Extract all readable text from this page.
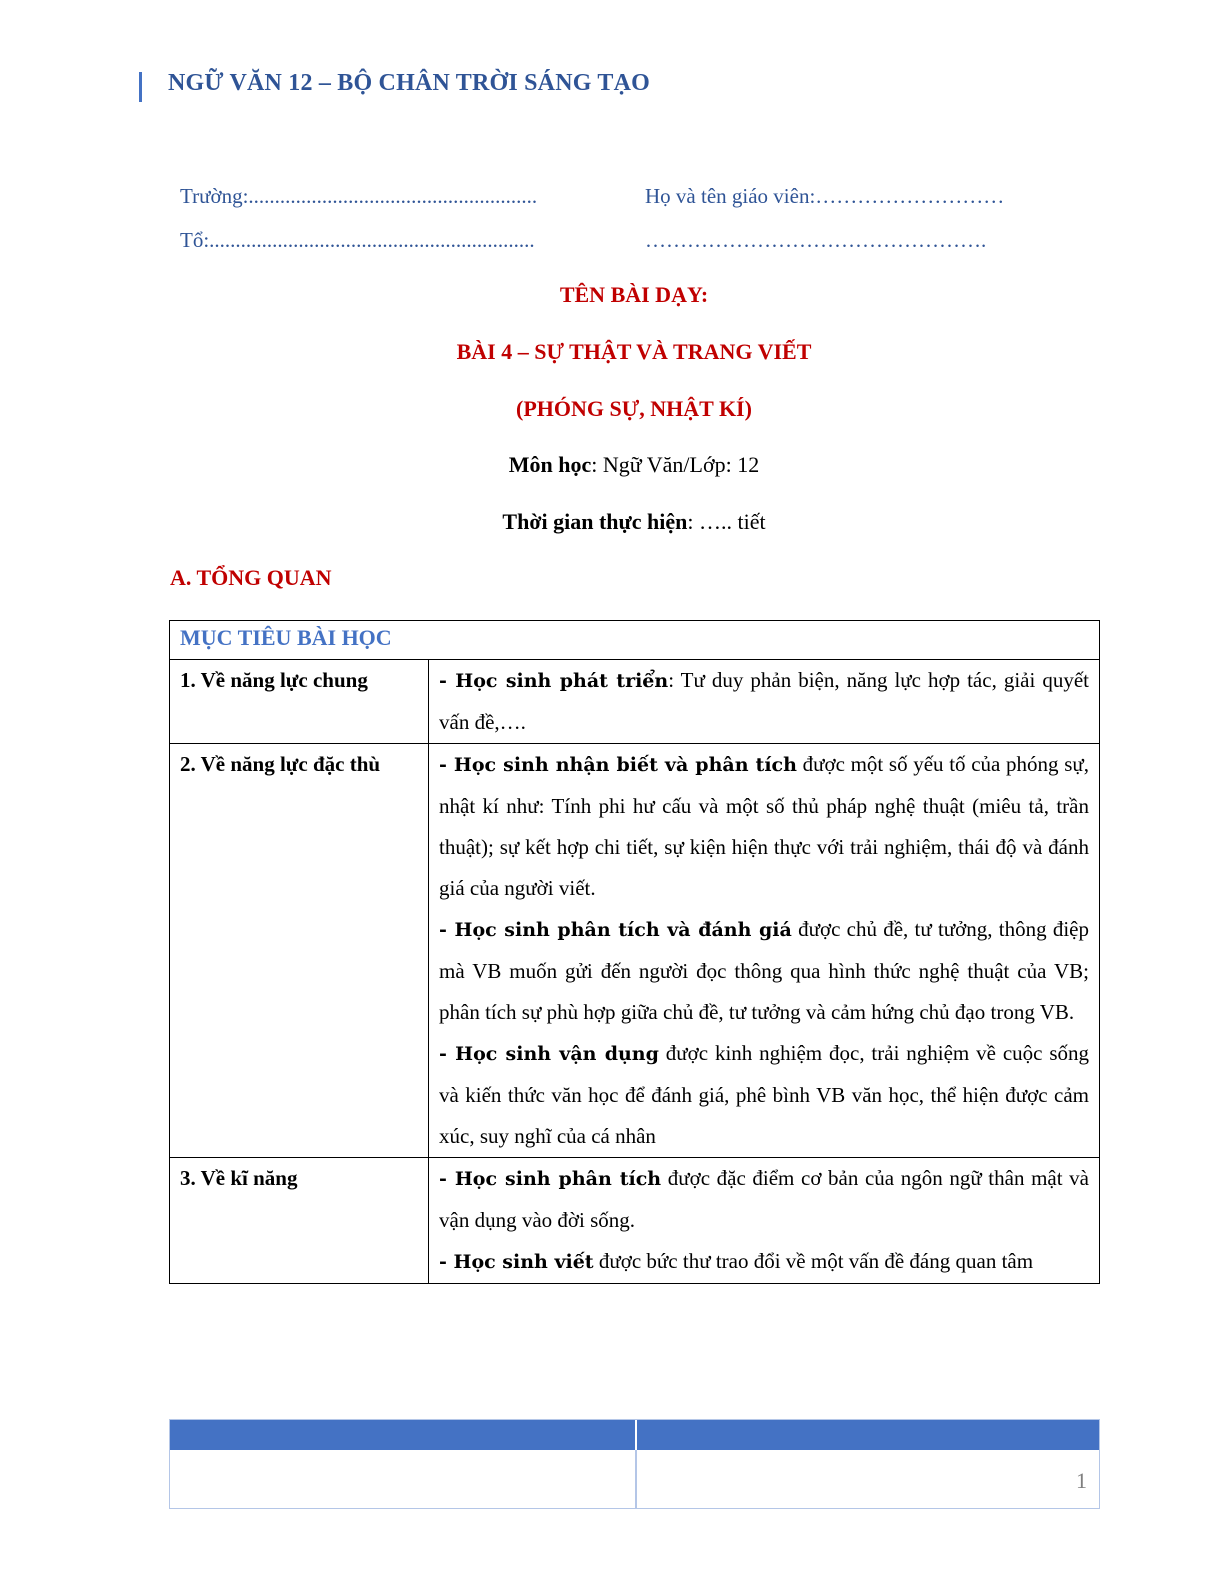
NGỮ VĂN 12 – BỘ CHÂN TRỜI SÁNG TẠO
Trường:.......................................................
Tổ:..............................................................
Họ và tên giáo viên:………………………
………………………………………….
TÊN BÀI DẠY:
BÀI 4 – SỰ THẬT VÀ TRANG VIẾT
(PHÓNG SỰ, NHẬT KÍ)
Môn học: Ngữ Văn/Lớp: 12
Thời gian thực hiện: ….. tiết
A. TỔNG QUAN
MỤC TIÊU BÀI HỌC	
1. Về năng lực chung	- Học sinh phát triển: Tư duy phản biện, năng lực hợp tác, giải quyết vấn đề,….

2. Về năng lực đặc thù	- Học sinh nhận biết và phân tích được một số yếu tố của phóng sự, nhật kí như: Tính phi hư cấu và một số thủ pháp nghệ thuật (miêu tả, trần thuật); sự kết hợp chi tiết, sự kiện hiện thực với trải nghiệm, thái độ và đánh giá của người viết.

- Học sinh phân tích và đánh giá được chủ đề, tư tưởng, thông điệp mà VB muốn gửi đến người đọc thông qua hình thức nghệ thuật của VB; phân tích sự phù hợp giữa chủ đề, tư tưởng và cảm hứng chủ đạo trong VB.

- Học sinh vận dụng được kinh nghiệm đọc, trải nghiệm về cuộc sống và kiến thức văn học để đánh giá, phê bình VB văn học, thể hiện được cảm xúc, suy nghĩ của cá nhân

3. Về kĩ năng	- Học sinh phân tích được đặc điểm cơ bản của ngôn ngữ thân mật và vận dụng vào đời sống.

- Học sinh viết được bức thư trao đổi về một vấn đề đáng quan tâm

1
